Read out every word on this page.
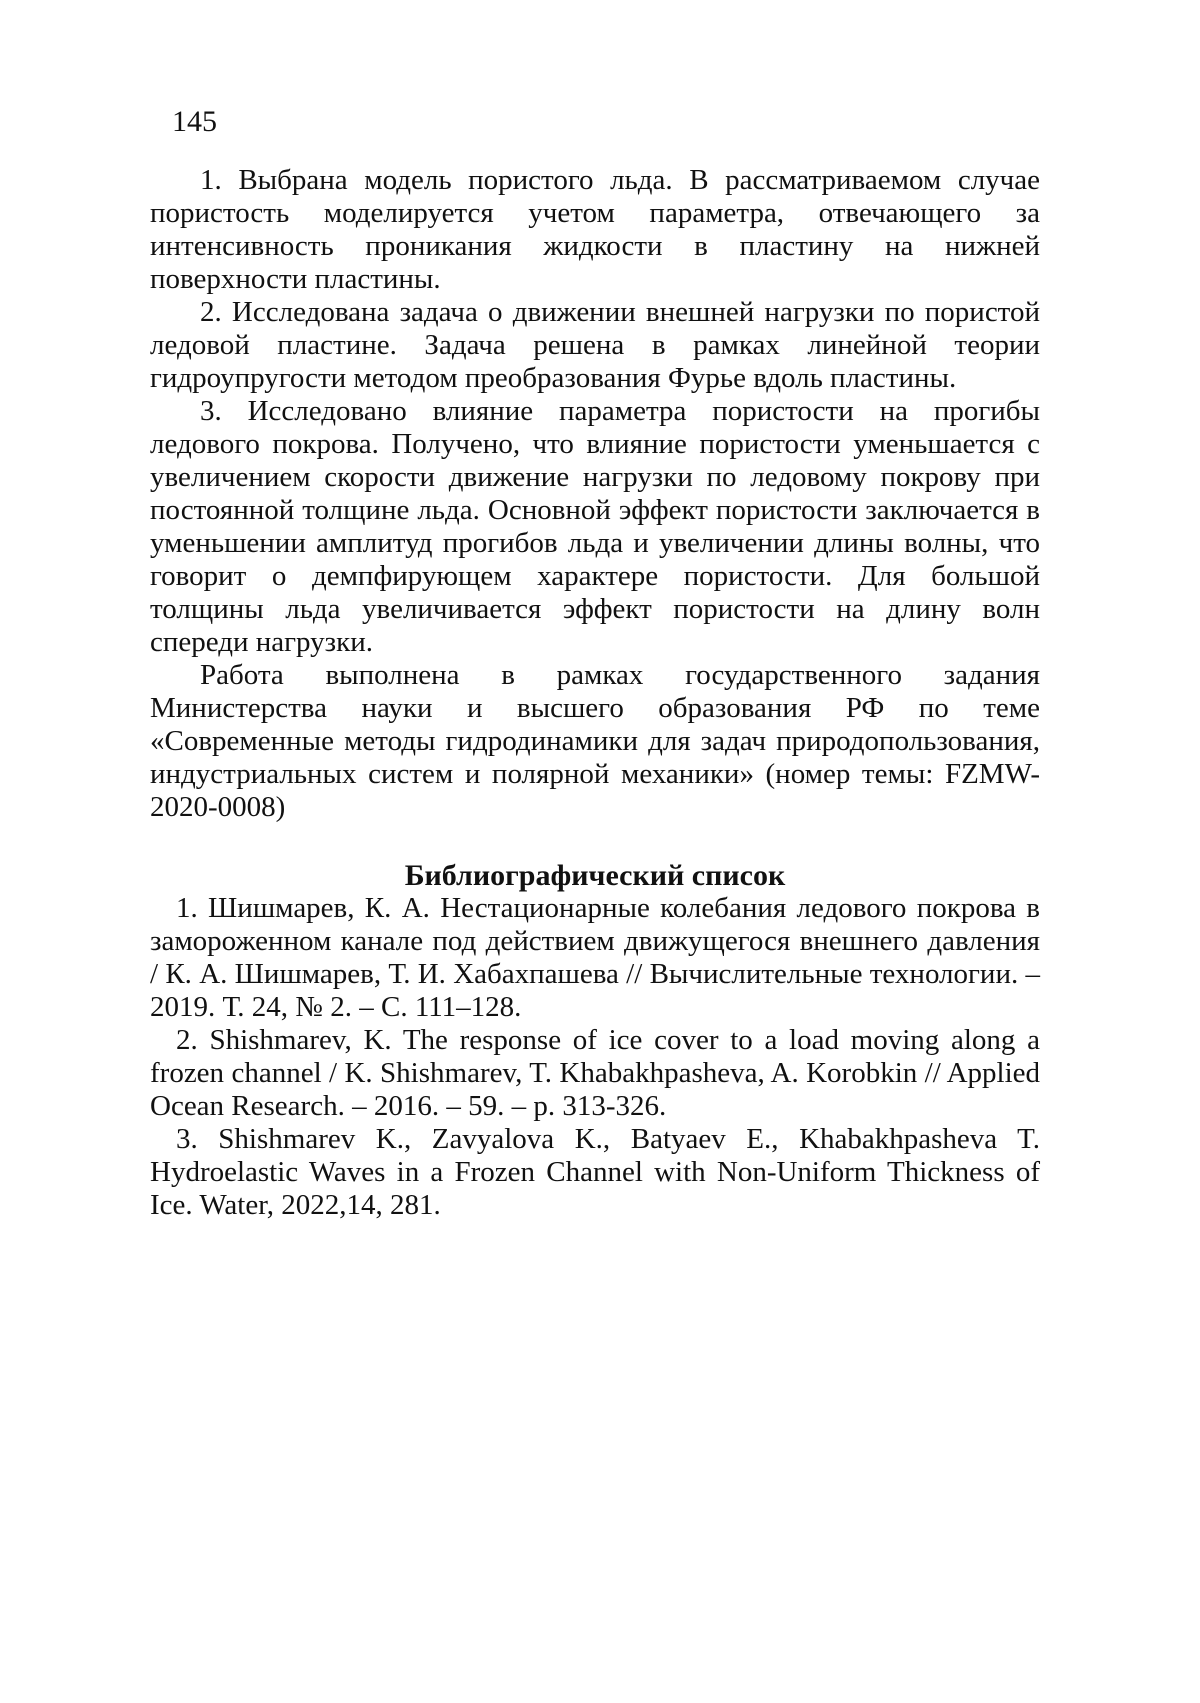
145

1. Выбрана модель пористого льда. В рассматриваемом случае пористость моделируется учетом параметра, отвечающего за интенсивность проникания жидкости в пластину на нижней поверхности пластины.

2. Исследована задача о движении внешней нагрузки по пористой ледовой пластине. Задача решена в рамках линейной теории гидроупругости методом преобразования Фурье вдоль пластины.

3. Исследовано влияние параметра пористости на прогибы ледового покрова. Получено, что влияние пористости уменьшается с увеличением скорости движение нагрузки по ледовому покрову при постоянной толщине льда. Основной эффект пористости заключается в уменьшении амплитуд прогибов льда и увеличении длины волны, что говорит о демпфирующем характере пористости. Для большой толщины льда увеличивается эффект пористости на длину волн спереди нагрузки.

Работа выполнена в рамках государственного задания Министерства науки и высшего образования РФ по теме «Современные методы гидродинамики для задач природопользования, индустриальных систем и полярной механики» (номер темы: FZMW-2020-0008)

Библиографический список

1. Шишмарев, К. А. Нестационарные колебания ледового покрова в замороженном канале под действием движущегося внешнего давления / К. А. Шишмарев, Т. И. Хабахпашева // Вычислительные технологии. – 2019. Т. 24, № 2. – С. 111–128.

2. Shishmarev, K. The response of ice cover to a load moving along a frozen channel / K. Shishmarev, T. Khabakhpasheva, A. Korobkin // Applied Ocean Research. – 2016. – 59. – p. 313-326.

3. Shishmarev K., Zavyalova K., Batyaev E., Khabakhpasheva T. Hydroelastic Waves in a Frozen Channel with Non-Uniform Thickness of Ice. Water, 2022,14, 281.
